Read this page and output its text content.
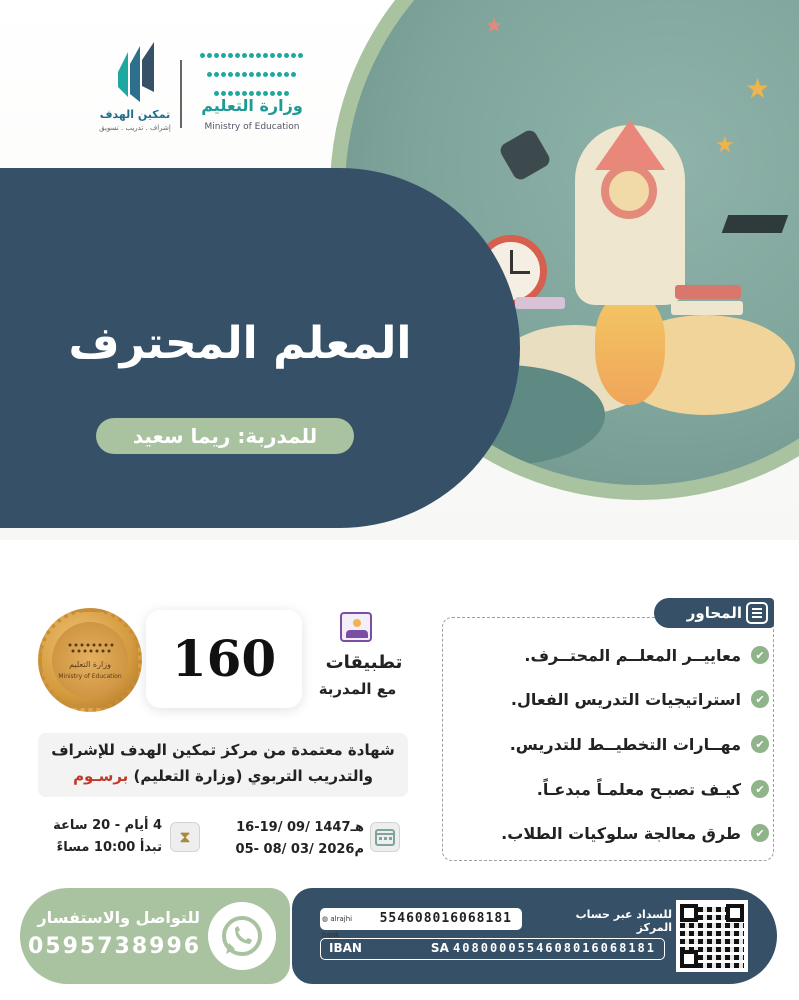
★
★
★

وزارة التعليم
Ministry of Education
تمكين الهدف
إشراف . تدريب . تسويق
المعلم المحترف
للمدربة: ريما سعيد
المحاور
✔
معاييــر المعلــم المحتــرف.
✔
استراتيجيات التدريس الفعال.
✔
مهــارات التخطيــط للتدريس.
✔
كيـف تصبـح معلمـاً مبدعـاً.
✔
طرق معالجة سلوكيات الطلاب.
وزارة التعليم
Ministry of Education	160	تطبيقات
مع المدربة
شهادة معتمدة من مركز تمكين الهدف للإشراف
والتدريب التربوي (وزارة التعليم) برسـوم
16-19/ 09/ 1447هـ
05- 08/ 03/ 2026م
⧗
4 أيام - 20 ساعة
تبدأ 10:00 مساءً
للتواصل والاستفسار
0595738996
للسداد عبر حساب المركز
554608016068181
◍ alrajhi bank
IBAN	SA 4080000554608016068181
